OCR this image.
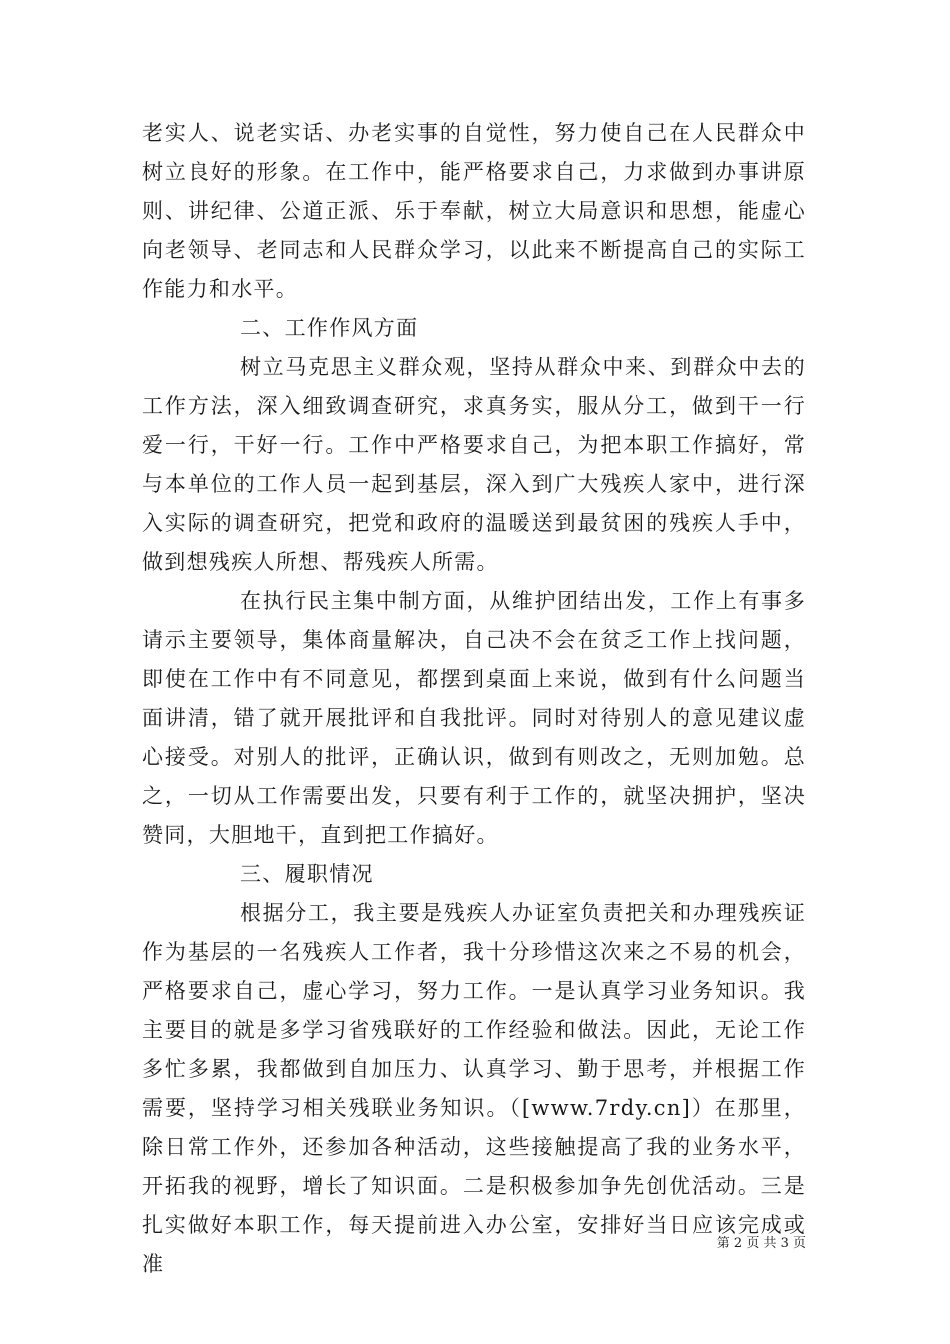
老实人、说老实话、办老实事的自觉性，努力使自己在人民群众中树立良好的形象。在工作中，能严格要求自己，力求做到办事讲原则、讲纪律、公道正派、乐于奉献，树立大局意识和思想，能虚心向老领导、老同志和人民群众学习，以此来不断提高自己的实际工作能力和水平。

二、工作作风方面

树立马克思主义群众观，坚持从群众中来、到群众中去的工作方法，深入细致调查研究，求真务实，服从分工，做到干一行爱一行，干好一行。工作中严格要求自己，为把本职工作搞好，常与本单位的工作人员一起到基层，深入到广大残疾人家中，进行深入实际的调查研究，把党和政府的温暖送到最贫困的残疾人手中，做到想残疾人所想、帮残疾人所需。

在执行民主集中制方面，从维护团结出发，工作上有事多请示主要领导，集体商量解决，自己决不会在贫乏工作上找问题，即使在工作中有不同意见，都摆到桌面上来说，做到有什么问题当面讲清，错了就开展批评和自我批评。同时对待别人的意见建议虚心接受。对别人的批评，正确认识，做到有则改之，无则加勉。总之，一切从工作需要出发，只要有利于工作的，就坚决拥护，坚决赞同，大胆地干，直到把工作搞好。

三、履职情况

根据分工，我主要是残疾人办证室负责把关和办理残疾证作为基层的一名残疾人工作者，我十分珍惜这次来之不易的机会，严格要求自己，虚心学习，努力工作。一是认真学习业务知识。我主要目的就是多学习省残联好的工作经验和做法。因此，无论工作多忙多累，我都做到自加压力、认真学习、勤于思考，并根据工作需要，坚持学习相关残联业务知识。（[www.7rdy.cn]）在那里，除日常工作外，还参加各种活动，这些接触提高了我的业务水平，开拓我的视野，增长了知识面。二是积极参加争先创优活动。三是扎实做好本职工作，每天提前进入办公室，安排好当日应该完成或准

第 2 页 共 3 页
